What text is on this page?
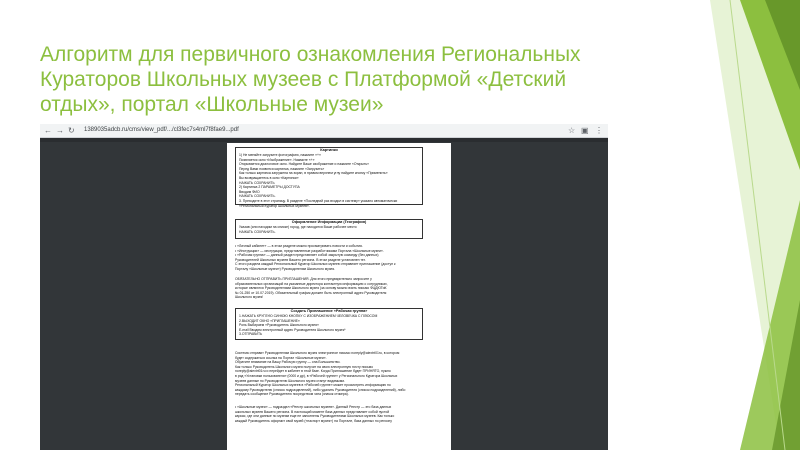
Алгоритм для первичного ознакомления Региональных
Кураторов Школьных музеев с Платформой «Детский
отдых», портал «Школьные музеи»
← → ↻ 1389035adcb.ru/cms/view_pdf/.../cl3fec7s4ml7f8fae9...pdf	☆ ▣ ⋮
Картинки
1) Не меняйте загрузите фотографию, нажмите «+»
Появляется окно «Изображение». Нажмите «+»
Открывается диалоговое окно. Найдите Ваше изображение и нажмите «Открыть»
Перед Вами появится картинка, нажмите «Загрузить»
Как только картинка загружена на экран, в правом верхнем углу найдите кнопку «Применить»
Вы возвращаетесь в окно «Картинки»
НАЖАТЬ СОХРАНИТЬ
2) Картинка 2 ПАРАМЕТРЫ ДОСТУПА
Вводим ФИО
НАЖАТЬ СОХРАНИТЬ.
3. Преходите в этот страницу. В разделе «Последний раз входил в систему» указано автоматически
«Региональный Куратор Школьных Музеев».
Оформление Информации (География)
Указав (или находим на списке) город, где находится Ваше рабочее место
НАЖАТЬ СОХРАНИТЬ.
• «Личный кабинет» — в этом разделе можно просматривать новости и события.
• «Инструкции» — инструкции, представленные разработчиками Портала «Школьные музеи».
• «Рабочая группа» — данный раздел представляет собой закрытую команду (без данных)
Руководителей Школьных музеев Вашего региона. В этом разделе установлен тег.
С этого раздела каждый Региональный Куратор Школьных музеев отправляет приглашение (доступ к
Порталу «Школьные музеи») Руководителям Школьного музея.
ОБЯЗАТЕЛЬНО ОТПРАВИТЬ ПРИГЛАШЕНИЯ. Для этого предварительно запросите у
образовательных организаций на указанные директора контактную информацию о сотрудниках,
которые являются Руководителями Школьного музея (за основу можно взять письмо ФЦДЮТиК
№ 01-250 от 10.07.2019). Обязательный график должен быть электронный адрес Руководителя
Школьного музея!
Создать Приглашение «Рабочая группа»
1.НАЖАТЬ КРУГЛУЮ СИНЮЮ КНОПКУ С ИЗОБРАЖЕНИЕМ ЧЕЛОВЕЧКА С ПЛЮСОМ
2.ВЫХОДИТ ОКНО «ПРИГЛАШЕНИЕ»
Роль Выбираем «Руководитель Школьного музея»
E-mail Вводим электронный адрес Руководителя Школьного музея*
3.ОТПРАВИТЬ
Система отправит Руководителям Школьного музея электронное письмо noreply@aiextrt01ru, в котором
будет содержаться ссылка на Портал «Школьные музеи».
Обратите внимание на Вашу Рабочую группу — она Большинство.
Как только Руководитель Школьного музея получит на свою электронную почту письмо
noreply@aiextrt01ru и перейдет в кабинет в этой базе. Когда Приглашение будет ПРИНЯТО, нужно
в ряд «Установки пользователя» (0000 и др), в «Рабочей группе» у Регионального Куратора Школьных
музеев данные по Руководителю Школьного музея станут видимыми.
Региональный Куратор Школьных музеев в «Рабочей группе» может просмотреть информацию по
каждому Руководителю (список подразделений), либо удалить Руководителя (список подразделений), либо
передать сообщение Руководителю посредством чата (значок стикера).
• «Школьные музеи» — подраздел «Реестр школьных музеев». Данный Реестр — это база данных
школьных музеев Вашего региона. В настоящий момент база данных представляет собой пустой
каркас, где они данные по музеям еще не заполнены Руководителями Школьных музеев. Как только
каждый Руководитель оформит свой музей («паспорт музея») на Портале, база данных по региону
